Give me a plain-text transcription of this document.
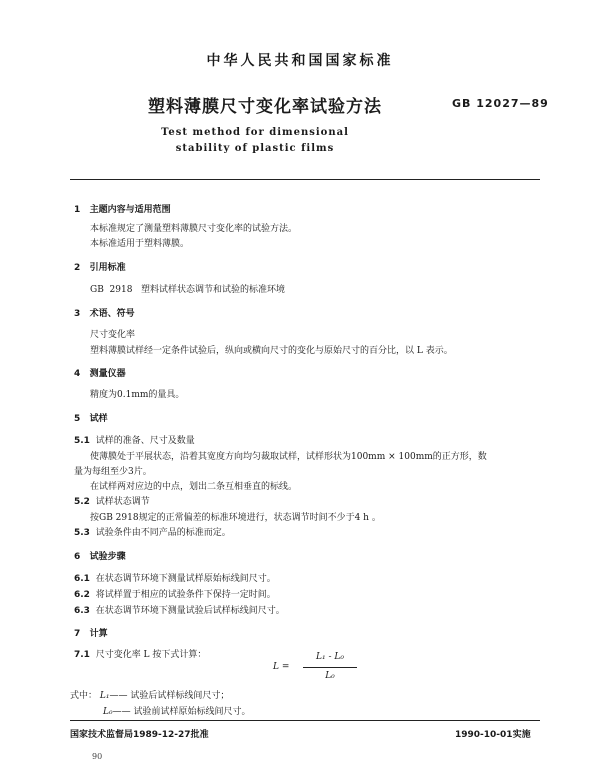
中华人民共和国国家标准
塑料薄膜尺寸变化率试验方法	GB 12027—89
Test method for dimensional
stability of plastic films
1 主题内容与适用范围
本标准规定了测量塑料薄膜尺寸变化率的试验方法。
本标准适用于塑料薄膜。
2 引用标准
GB  2918   塑料试样状态调节和试验的标准环境
3 术语、符号
尺寸变化率
塑料薄膜试样经一定条件试验后，纵向或横向尺寸的变化与原始尺寸的百分比，以 L 表示。
4 测量仪器
精度为0.1mm的量具。
5 试样
5.1 试样的准备、尺寸及数量
使薄膜处于平展状态，沿着其宽度方向均匀裁取试样，试样形状为100mm × 100mm的正方形，数
量为每组至少3片。
在试样两对应边的中点，划出二条互相垂直的标线。
5.2 试样状态调节
按GB 2918规定的正常偏差的标准环境进行，状态调节时间不少于4 h 。
5.3 试验条件由不同产品的标准而定。
6 试验步骤
6.1 在状态调节环境下测量试样原始标线间尺寸。
6.2 将试样置于相应的试验条件下保持一定时间。
6.3 在状态调节环境下测量试验后试样标线间尺寸。
7 计算
7.1 尺寸变化率 L 按下式计算：
L =
L₁ - L₀
L₀
式中： L₁—— 试验后试样标线间尺寸；
L₀—— 试验前试样原始标线间尺寸。
国家技术监督局1989-12-27批准	1990-10-01实施
90
